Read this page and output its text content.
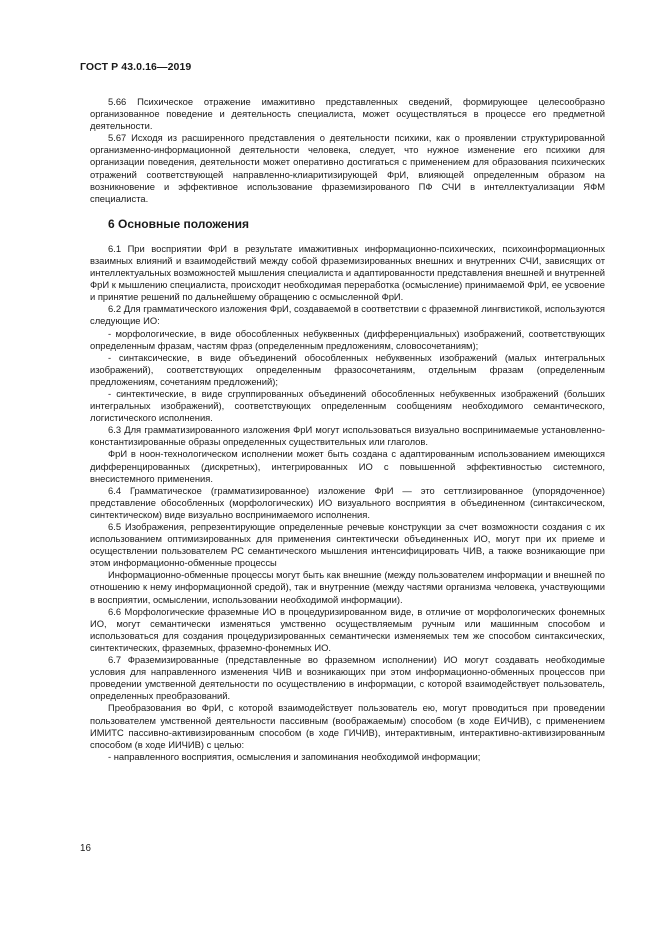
ГОСТ Р 43.0.16—2019

5.66 Психическое отражение имажитивно представленных сведений, формирующее целесообразно организованное поведение и деятельность специалиста, может осуществляться в процессе его предметной деятельности.

5.67 Исходя из расширенного представления о деятельности психики, как о проявлении структурированной организменно-информационной деятельности человека, следует, что нужное изменение его психики для организации поведения, деятельности может оперативно достигаться с применением для образования психических отражений соответствующей направленно-клиаритизирующей ФрИ, влияющей определенным образом на возникновение и эффективное использование фраземизированого ПФ СЧИ в интеллектуализации ЯФМ специалиста.

6 Основные положения

6.1 При восприятии ФрИ в результате имажитивных информационно-психических, психоинформационных взаимных влияний и взаимодействий между собой фраземизированных внешних и внутренних СЧИ, зависящих от интеллектуальных возможностей мышления специалиста и адаптированности представления внешней и внутренней ФрИ к мышлению специалиста, происходит необходимая переработка (осмысление) принимаемой ФрИ, ее усвоение и принятие решений по дальнейшему обращению с осмысленной ФрИ.

6.2 Для грамматического изложения ФрИ, создаваемой в соответствии с фраземной лингвистикой, используются следующие ИО:

- морфологические, в виде обособленных небуквенных (дифференциальных) изображений, соответствующих определенным фразам, частям фраз (определенным предложениям, словосочетаниям);

- синтаксические, в виде объединений обособленных небуквенных изображений (малых интегральных изображений), соответствующих определенным фразосочетаниям, отдельным фразам (определенным предложениям, сочетаниям предложений);

- синтектические, в виде сгруппированных объединений обособленных небуквенных изображений (больших интегральных изображений), соответствующих определенным сообщениям необходимого семантического, логистического исполнения.

6.3 Для грамматизированного изложения ФрИ могут использоваться визуально воспринимаемые установленно-константизированные образы определенных существительных или глаголов.

ФрИ в ноон-технологическом исполнении может быть создана с адаптированным использованием имеющихся дифференцированных (дискретных), интегрированных ИО с повышенной эффективностью системного, внесистемного применения.

6.4 Грамматическое (грамматизированное) изложение ФрИ — это сеттлизированное (упорядоченное) представление обособленных (морфологических) ИО визуального восприятия в объединенном (синтаксическом, синтектическом) виде визуально воспринимаемого исполнения.

6.5 Изображения, репрезентирующие определенные речевые конструкции за счет возможности создания с их использованием оптимизированных для применения синтектически объединенных ИО, могут при их приеме и осуществлении пользователем РС семантического мышления интенсифицировать ЧИВ, а также возникающие при этом информационно-обменные процессы

Информационно-обменные процессы могут быть как внешние (между пользователем информации и внешней по отношению к нему информационной средой), так и внутренние (между частями организма человека, участвующими в восприятии, осмыслении, использовании необходимой информации).

6.6 Морфологические фраземные ИО в процедуризированном виде, в отличие от морфологических фонемных ИО, могут семантически изменяться умственно осуществляемым ручным или машинным способом и использоваться для создания процедуризированных семантически изменяемых тем же способом синтаксических, синтектических, фраземных, фраземно-фонемных ИО.

6.7 Фраземизированные (представленные во фраземном исполнении) ИО могут создавать необходимые условия для направленного изменения ЧИВ и возникающих при этом информационно-обменных процессов при проведении умственной деятельности по осуществлению в информации, с которой взаимодействует пользователь, определенных преобразований.

Преобразования во ФрИ, с которой взаимодействует пользователь ею, могут проводиться при проведении пользователем умственной деятельности пассивным (воображаемым) способом (в ходе ЕИЧИВ), с применением ИМИТС пассивно-активизированным способом (в ходе ГИЧИВ), интерактивным, интерактивно-активизированным способом (в ходе ИИЧИВ) с целью:

- направленного восприятия, осмысления и запоминания необходимой информации;

16
